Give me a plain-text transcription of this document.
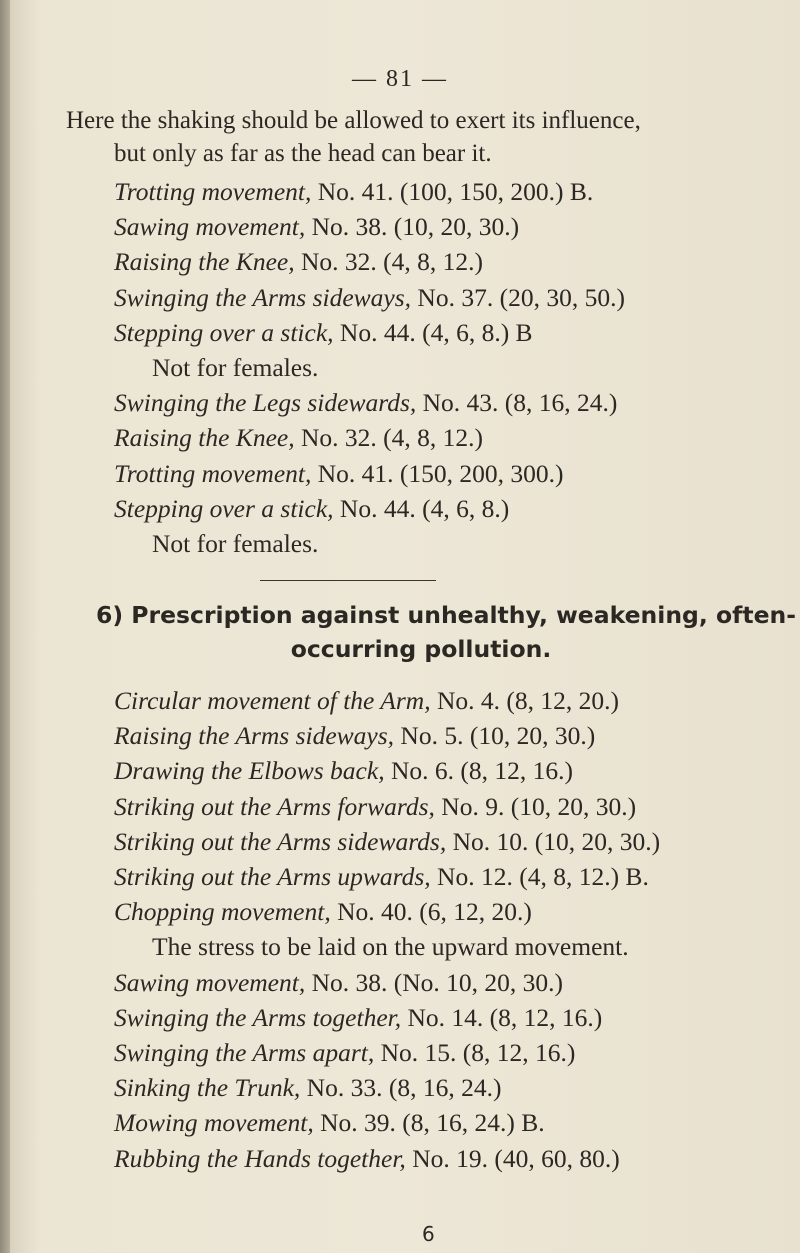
— 81 —
Here the shaking should be allowed to exert its influence,
but only as far as the head can bear it.
Trotting movement, No. 41. (100, 150, 200.) B.
Sawing movement, No. 38. (10, 20, 30.)
Raising the Knee, No. 32. (4, 8, 12.)
Swinging the Arms sideways, No. 37. (20, 30, 50.)
Stepping over a stick, No. 44. (4, 6, 8.) B
Not for females.
Swinging the Legs sidewards, No. 43. (8, 16, 24.)
Raising the Knee, No. 32. (4, 8, 12.)
Trotting movement, No. 41. (150, 200, 300.)
Stepping over a stick, No. 44. (4, 6, 8.)
Not for females.
6) Prescription against unhealthy, weakening, often-
occurring pollution.
Circular movement of the Arm, No. 4. (8, 12, 20.)
Raising the Arms sideways, No. 5. (10, 20, 30.)
Drawing the Elbows back, No. 6. (8, 12, 16.)
Striking out the Arms forwards, No. 9. (10, 20, 30.)
Striking out the Arms sidewards, No. 10. (10, 20, 30.)
Striking out the Arms upwards, No. 12. (4, 8, 12.) B.
Chopping movement, No. 40. (6, 12, 20.)
The stress to be laid on the upward movement.
Sawing movement, No. 38. (No. 10, 20, 30.)
Swinging the Arms together, No. 14. (8, 12, 16.)
Swinging the Arms apart, No. 15. (8, 12, 16.)
Sinking the Trunk, No. 33. (8, 16, 24.)
Mowing movement, No. 39. (8, 16, 24.) B.
Rubbing the Hands together, No. 19. (40, 60, 80.)
6
